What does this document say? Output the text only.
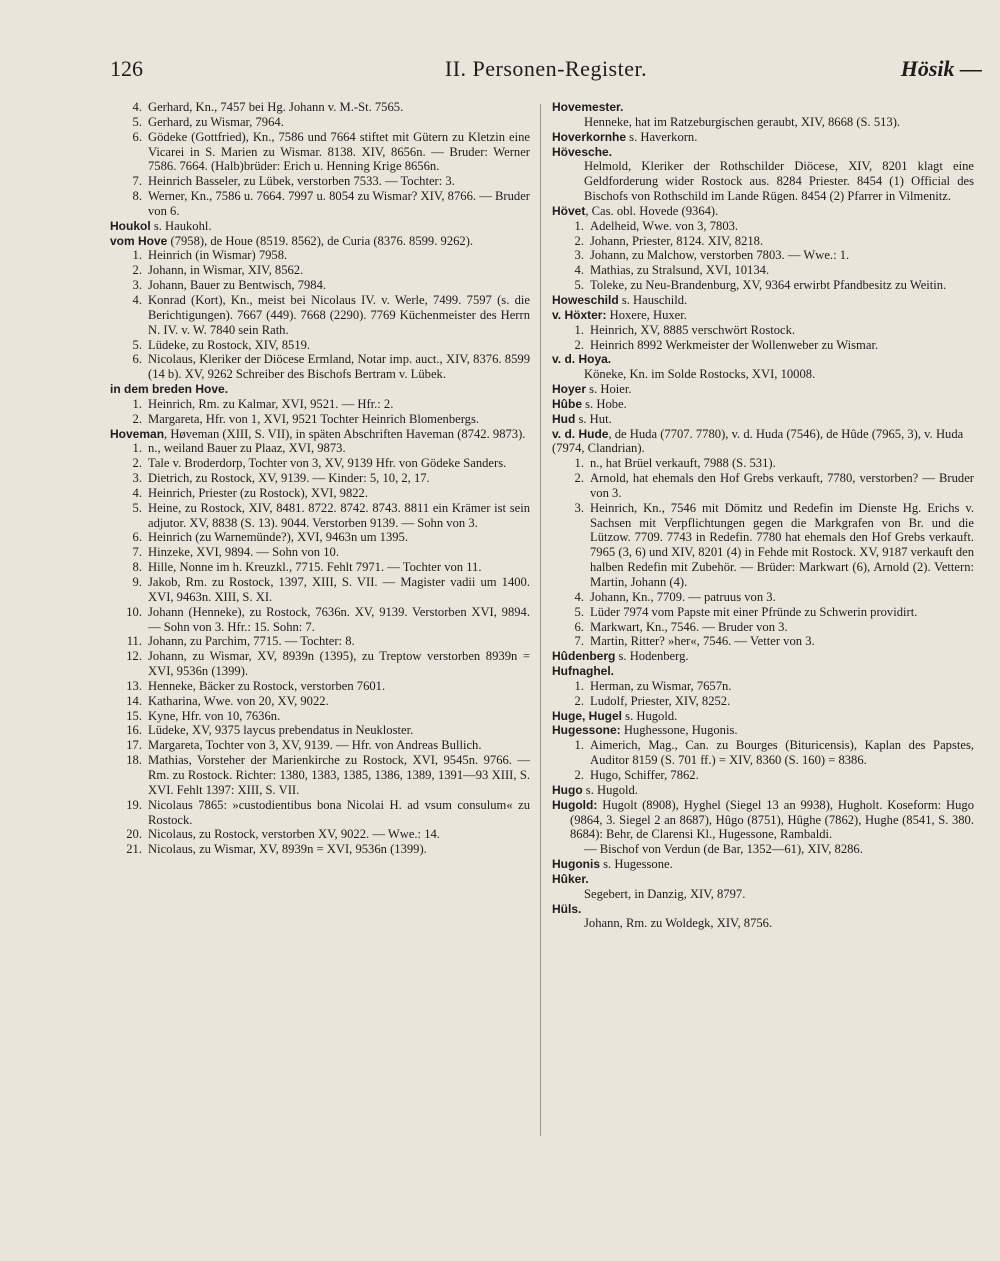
126	II. Personen-Register.	Hösik —
4. Gerhard, Kn., 7457 bei Hg. Johann v. M.-St. 7565.
5. Gerhard, zu Wismar, 7964.
6. Gödeke (Gottfried), Kn., 7586 und 7664 stiftet mit Gütern zu Kletzin eine Vicarei in S. Marien zu Wismar. 8138. XIV, 8656n. — Bruder: Werner 7586. 7664. (Halb)brüder: Erich u. Henning Krige 8656n.
7. Heinrich Basseler, zu Lübek, verstorben 7533. — Tochter: 3.
8. Werner, Kn., 7586 u. 7664. 7997 u. 8054 zu Wismar? XIV, 8766. — Bruder von 6.
Houkol s. Haukohl.
vom Hove (7958), de Houe (8519. 8562), de Curia (8376. 8599. 9262).
1. Heinrich (in Wismar) 7958.
2. Johann, in Wismar, XIV, 8562.
3. Johann, Bauer zu Bentwisch, 7984.
4. Konrad (Kort), Kn., meist bei Nicolaus IV. v. Werle, 7499. 7597 (s. die Berichtigungen). 7667 (449). 7668 (2290). 7769 Küchenmeister des Herrn N. IV. v. W. 7840 sein Rath.
5. Lüdeke, zu Rostock, XIV, 8519.
6. Nicolaus, Kleriker der Diöcese Ermland, Notar imp. auct., XIV, 8376. 8599 (14 b). XV, 9262 Schreiber des Bischofs Bertram v. Lübek.
in dem breden Hove.
1. Heinrich, Rm. zu Kalmar, XVI, 9521. — Hfr.: 2.
2. Margareta, Hfr. von 1, XVI, 9521 Tochter Heinrich Blomenbergs.
Hoveman, Høveman (XIII, S. VII), in späten Abschriften Haveman (8742. 9873).
1. n., weiland Bauer zu Plaaz, XVI, 9873.
2. Tale v. Broderdorp, Tochter von 3, XV, 9139 Hfr. von Gödeke Sanders.
3. Dietrich, zu Rostock, XV, 9139. — Kinder: 5, 10, 2, 17.
4. Heinrich, Priester (zu Rostock), XVI, 9822.
5. Heine, zu Rostock, XIV, 8481. 8722. 8742. 8743. 8811 ein Krämer ist sein adjutor. XV, 8838 (S. 13). 9044. Verstorben 9139. — Sohn von 3.
6. Heinrich (zu Warnemünde?), XVI, 9463n um 1395.
7. Hinzeke, XVI, 9894. — Sohn von 10.
8. Hille, Nonne im h. Kreuzkl., 7715. Fehlt 7971. — Tochter von 11.
9. Jakob, Rm. zu Rostock, 1397, XIII, S. VII. — Magister vadii um 1400. XVI, 9463n. XIII, S. XI.
10. Johann (Henneke), zu Rostock, 7636n. XV, 9139. Verstorben XVI, 9894. — Sohn von 3. Hfr.: 15. Sohn: 7.
11. Johann, zu Parchim, 7715. — Tochter: 8.
12. Johann, zu Wismar, XV, 8939n (1395), zu Treptow verstorben 8939n = XVI, 9536n (1399).
13. Henneke, Bäcker zu Rostock, verstorben 7601.
14. Katharina, Wwe. von 20, XV, 9022.
15. Kyne, Hfr. von 10, 7636n.
16. Lüdeke, XV, 9375 laycus prebendatus in Neukloster.
17. Margareta, Tochter von 3, XV, 9139. — Hfr. von Andreas Bullich.
18. Mathias, Vorsteher der Marienkirche zu Rostock, XVI, 9545n. 9766. — Rm. zu Rostock. Richter: 1380, 1383, 1385, 1386, 1389, 1391—93 XIII, S. XVI. Fehlt 1397: XIII, S. VII.
19. Nicolaus 7865: »custodientibus bona Nicolai H. ad vsum consulum« zu Rostock.
20. Nicolaus, zu Rostock, verstorben XV, 9022. — Wwe.: 14.
21. Nicolaus, zu Wismar, XV, 8939n = XVI, 9536n (1399).
Hovemester.
Henneke, hat im Ratzeburgischen geraubt, XIV, 8668 (S. 513).
Hoverkornhe s. Haverkorn.
Hövesche.
Helmold, Kleriker der Rothschilder Diöcese, XIV, 8201 klagt eine Geldforderung wider Rostock aus. 8284 Priester. 8454 (1) Official des Bischofs von Rothschild im Lande Rügen. 8454 (2) Pfarrer in Vilmenitz.
Hövet, Cas. obl. Hovede (9364).
1. Adelheid, Wwe. von 3, 7803.
2. Johann, Priester, 8124. XIV, 8218.
3. Johann, zu Malchow, verstorben 7803. — Wwe.: 1.
4. Mathias, zu Stralsund, XVI, 10134.
5. Toleke, zu Neu-Brandenburg, XV, 9364 erwirbt Pfandbesitz zu Weitin.
Howeschild s. Hauschild.
v. Höxter: Hoxere, Huxer.
1. Heinrich, XV, 8885 verschwört Rostock.
2. Heinrich 8992 Werkmeister der Wollenweber zu Wismar.
v. d. Hoya.
Köneke, Kn. im Solde Rostocks, XVI, 10008.
Hoyer s. Hoier.
Hûbe s. Hobe.
Hud s. Hut.
v. d. Hude, de Huda (7707. 7780), v. d. Huda (7546), de Hûde (7965, 3), v. Huda (7974, Clandrian).
1. n., hat Brüel verkauft, 7988 (S. 531).
2. Arnold, hat ehemals den Hof Grebs verkauft, 7780, verstorben? — Bruder von 3.
3. Heinrich, Kn., 7546 mit Dömitz und Redefin im Dienste Hg. Erichs v. Sachsen mit Verpflichtungen gegen die Markgrafen von Br. und die Lützow. 7709. 7743 in Redefin. 7780 hat ehemals den Hof Grebs verkauft. 7965 (3, 6) und XIV, 8201 (4) in Fehde mit Rostock. XV, 9187 verkauft den halben Redefin mit Zubehör. — Brüder: Markwart (6), Arnold (2). Vettern: Martin, Johann (4).
4. Johann, Kn., 7709. — patruus von 3.
5. Lüder 7974 vom Papste mit einer Pfründe zu Schwerin providirt.
6. Markwart, Kn., 7546. — Bruder von 3.
7. Martin, Ritter? »her«, 7546. — Vetter von 3.
Hûdenberg s. Hodenberg.
Hufnaghel.
1. Herman, zu Wismar, 7657n.
2. Ludolf, Priester, XIV, 8252.
Huge, Hugel s. Hugold.
Hugessone: Hughessone, Hugonis.
1. Aimerich, Mag., Can. zu Bourges (Bituricensis), Kaplan des Papstes, Auditor 8159 (S. 701 ff.) = XIV, 8360 (S. 160) = 8386.
2. Hugo, Schiffer, 7862.
Hugo s. Hugold.
Hugold: Hugolt (8908), Hyghel (Siegel 13 an 9938), Hugholt. Koseform: Hugo (9864, 3. Siegel 2 an 8687), Hûgo (8751), Hûghe (7862), Hughe (8541, S. 380. 8684): Behr, de Clarensi Kl., Hugessone, Rambaldi.
— Bischof von Verdun (de Bar, 1352—61), XIV, 8286.
Hugonis s. Hugessone.
Hûker.
Segebert, in Danzig, XIV, 8797.
Hüls.
Johann, Rm. zu Woldegk, XIV, 8756.
